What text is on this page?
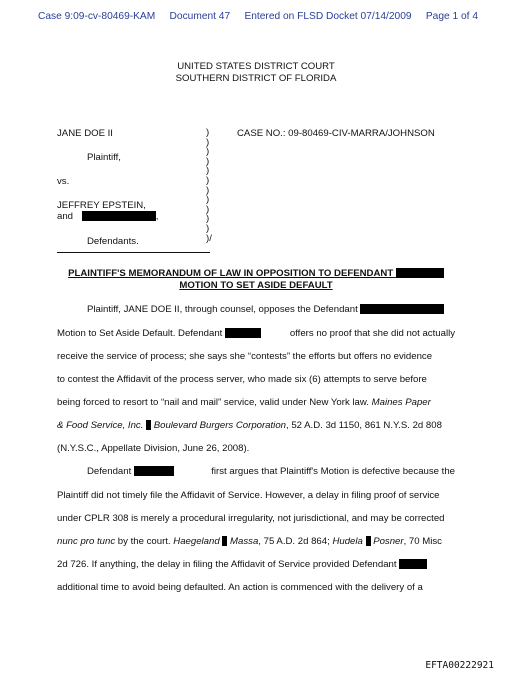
Case 9:09-cv-80469-KAM Document 47 Entered on FLSD Docket 07/14/2009 Page 1 of 4
UNITED STATES DISTRICT COURT
SOUTHERN DISTRICT OF FLORIDA
JANE DOE II
Plaintiff,
vs.
JEFFREY EPSTEIN,
and	,
Defendants.
)
)
)
)
)
)
)
)
)
)
)
)/
CASE NO.: 09-80469-CIV-MARRA/JOHNSON
PLAINTIFF'S MEMORANDUM OF LAW IN OPPOSITION TO DEFENDANT
MOTION TO SET ASIDE DEFAULT
Plaintiff, JANE DOE II, through counsel, opposes the Defendant
Motion to Set Aside Default. Defendant	offers no proof that she did not actually
receive the service of process; she says she “contests” the efforts but offers no evidence
to contest the Affidavit of the process server, who made six (6) attempts to serve before
being forced to resort to “nail and mail” service, valid under New York law. Maines Paper
& Food Service, Inc. Boulevard Burgers Corporation, 52 A.D. 3d 1150, 861 N.Y.S. 2d 808
(N.Y.S.C., Appellate Division, June 26, 2008).
Defendant	first argues that Plaintiff's Motion is defective because the
Plaintiff did not timely file the Affidavit of Service. However, a delay in filing proof of service
under CPLR 308 is merely a procedural irregularity, not jurisdictional, and may be corrected
nunc pro tunc by the court. Haegeland Massa, 75 A.D. 2d 864; Hudela Posner, 70 Misc
2d 726. If anything, the delay in filing the Affidavit of Service provided Defendant
additional time to avoid being defaulted. An action is commenced with the delivery of a
EFTA00222921
